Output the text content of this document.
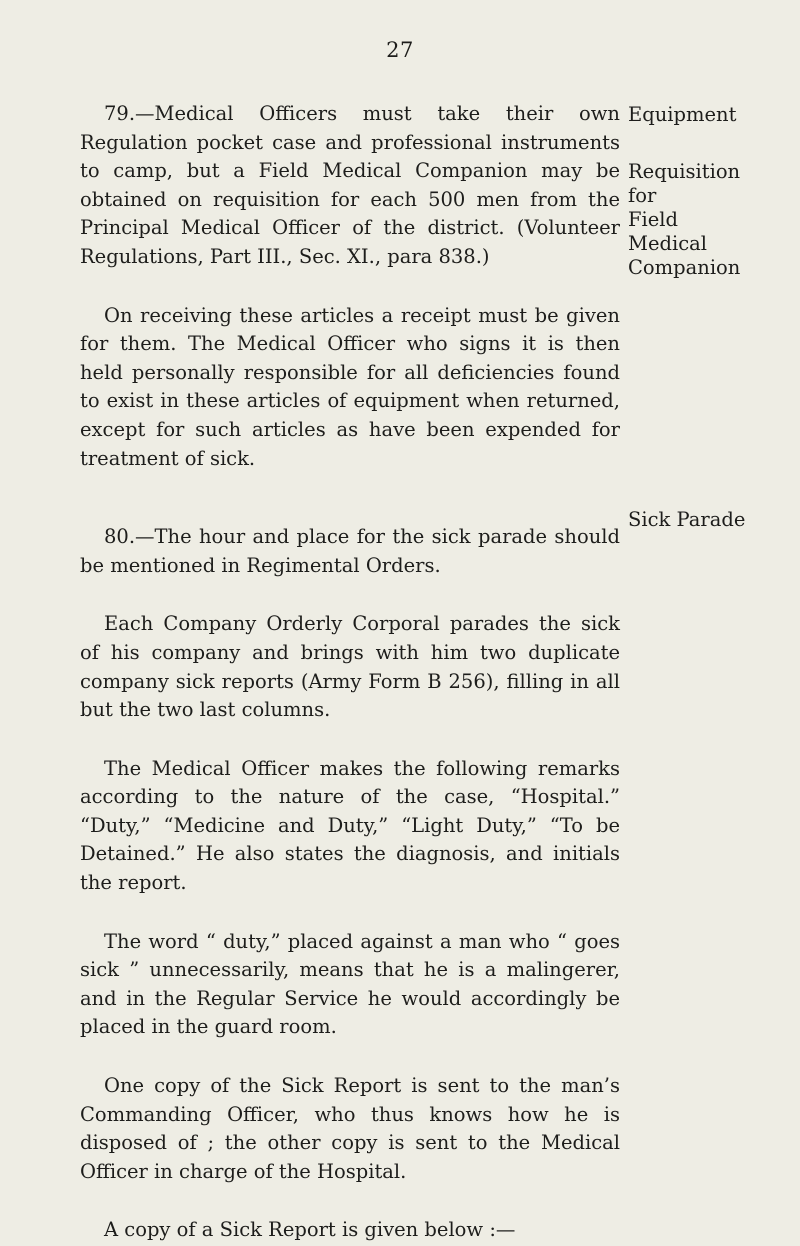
27

79.—Medical Officers must take their own Regulation pocket case and professional instruments to camp, but a Field Medical Companion may be obtained on requisition for each 500 men from the Principal Medical Officer of the district. (Volunteer Regulations, Part III., Sec. XI., para 838.)

On receiving these articles a receipt must be given for them. The Medical Officer who signs it is then held personally responsible for all deficiencies found to exist in these articles of equipment when returned, except for such articles as have been expended for treatment of sick.

80.—The hour and place for the sick parade should be mentioned in Regimental Orders.

Each Company Orderly Corporal parades the sick of his company and brings with him two duplicate company sick reports (Army Form B 256), filling in all but the two last columns.

The Medical Officer makes the following remarks according to the nature of the case, “Hospital.” “Duty,” “Medicine and Duty,” “Light Duty,” “To be Detained.” He also states the diagnosis, and initials the report.

The word “ duty,” placed against a man who “ goes sick ” unnecessarily, means that he is a malingerer, and in the Regular Service he would accordingly be placed in the guard room.

One copy of the Sick Report is sent to the man’s Commanding Officer, who thus knows how he is disposed of ; the other copy is sent to the Medical Officer in charge of the Hospital.

A copy of a Sick Report is given below :—

Equipment
Requisition
for
Field
Medical
Companion
Sick Parade
